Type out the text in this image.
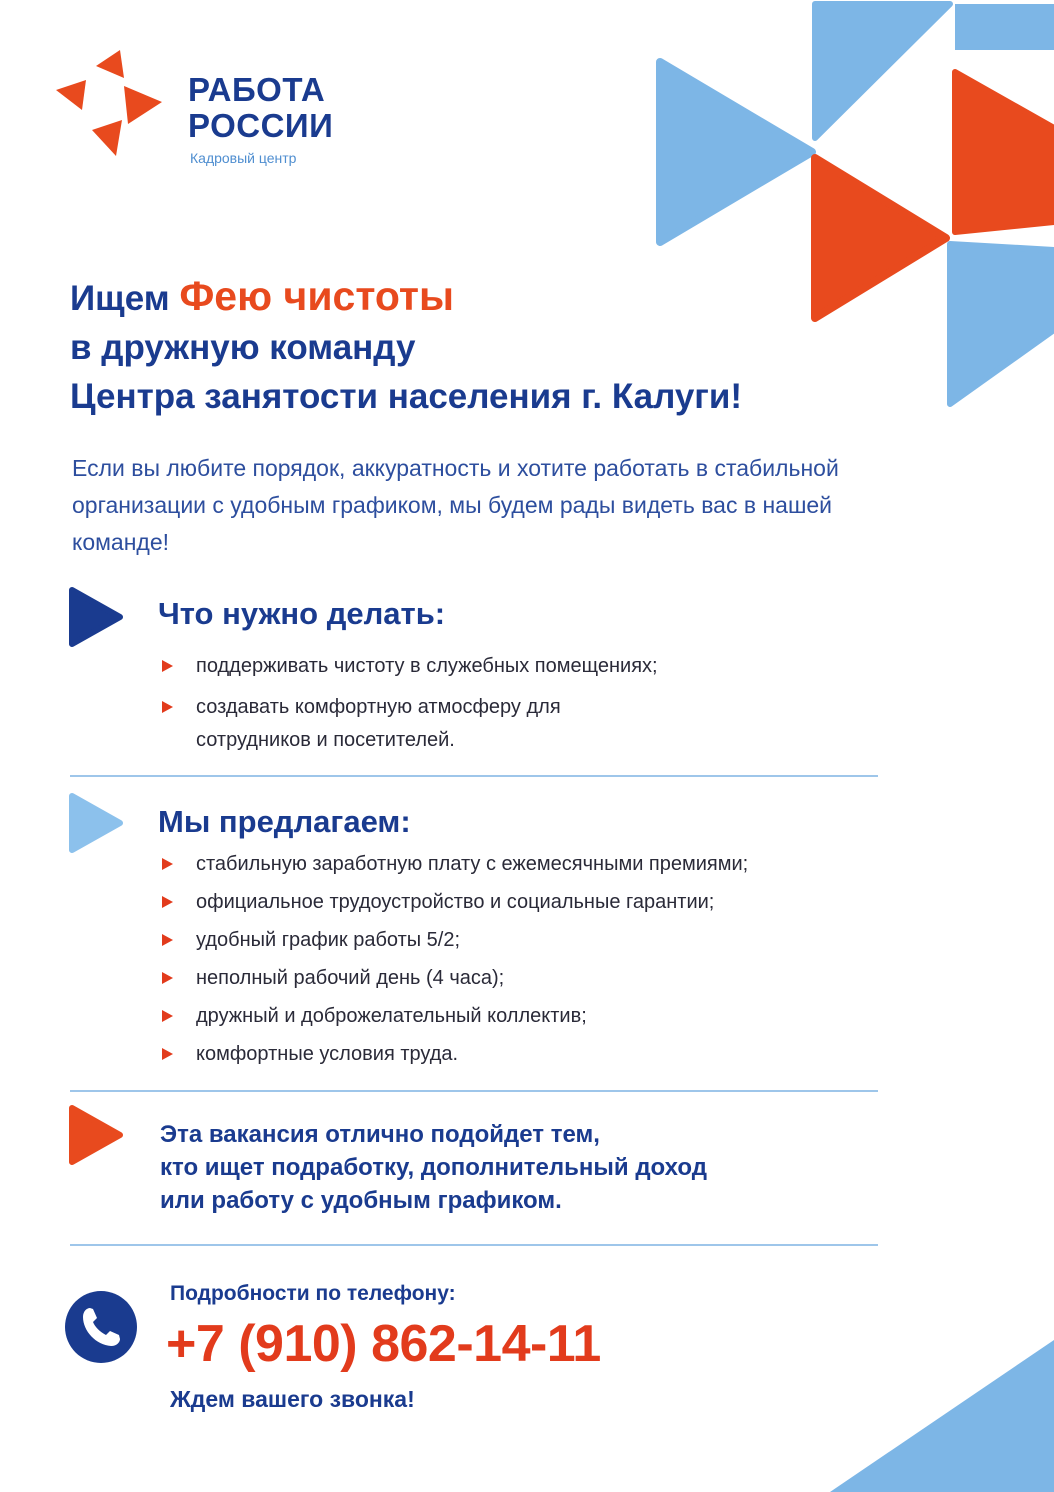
РАБОТА
РОССИИ
Кадровый центр
Ищем Фею чистоты
в дружную команду
Центра занятости населения г. Калуги!
Если вы любите порядок, аккуратность и хотите работать в стабильной организации с удобным графиком, мы будем рады видеть вас в нашей команде!
Что нужно делать:
поддерживать чистоту в служебных помещениях;
создавать комфортную атмосферу для сотрудников и посетителей.
Мы предлагаем:
стабильную заработную плату с ежемесячными премиями;
официальное трудоустройство и социальные гарантии;
удобный график работы 5/2;
неполный рабочий день (4 часа);
дружный и доброжелательный коллектив;
комфортные условия труда.
Эта вакансия отлично подойдет тем,
кто ищет подработку, дополнительный доход
или работу с удобным графиком.
Подробности по телефону:
+7 (910) 862-14-11
Ждем вашего звонка!
